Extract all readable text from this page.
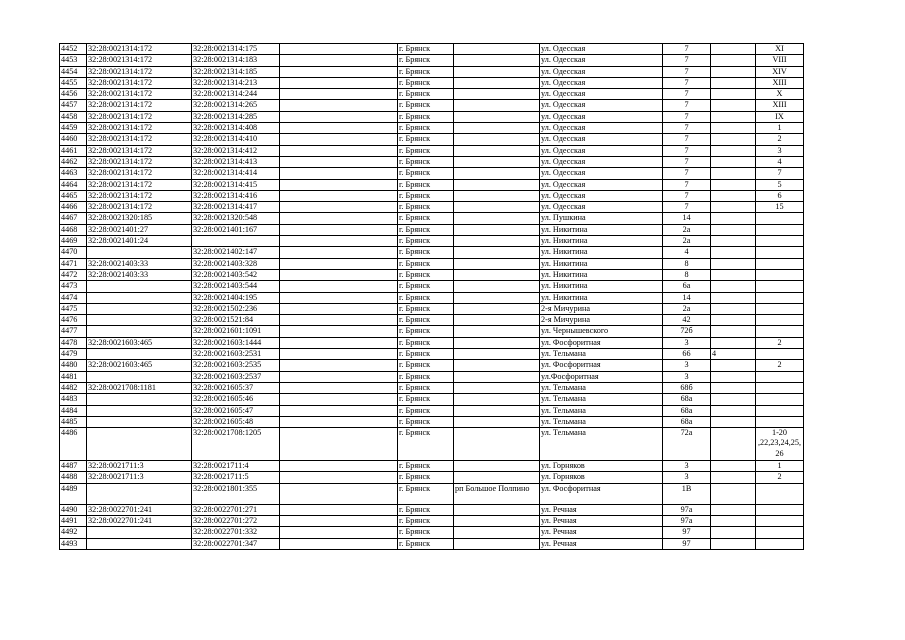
4452	32:28:0021314:172	32:28:0021314:175		г. Брянск		ул. Одесская	7		XI
4453	32:28:0021314:172	32:28:0021314:183		г. Брянск		ул. Одесская	7		VIII
4454	32:28:0021314:172	32:28:0021314:185		г. Брянск		ул. Одесская	7		XIV
4455	32:28:0021314:172	32:28:0021314:213		г. Брянск		ул. Одесская	7		XIII
4456	32:28:0021314:172	32:28:0021314:244		г. Брянск		ул. Одесская	7		X
4457	32:28:0021314:172	32:28:0021314:265		г. Брянск		ул. Одесская	7		XIII
4458	32:28:0021314:172	32:28:0021314:285		г. Брянск		ул. Одесская	7		IX
4459	32:28:0021314:172	32:28:0021314:408		г. Брянск		ул. Одесская	7		1
4460	32:28:0021314:172	32:28:0021314:410		г. Брянск		ул. Одесская	7		2
4461	32:28:0021314:172	32:28:0021314:412		г. Брянск		ул. Одесская	7		3
4462	32:28:0021314:172	32:28:0021314:413		г. Брянск		ул. Одесская	7		4
4463	32:28:0021314:172	32:28:0021314:414		г. Брянск		ул. Одесская	7		7
4464	32:28:0021314:172	32:28:0021314:415		г. Брянск		ул. Одесская	7		5
4465	32:28:0021314:172	32:28:0021314:416		г. Брянск		ул. Одесская	7		6
4466	32:28:0021314:172	32:28:0021314:417		г. Брянск		ул. Одесская	7		15
4467	32:28:0021320:185	32:28:0021320:548		г. Брянск		ул. Пушкина	14		
4468	32:28:0021401:27	32:28:0021401:167		г. Брянск		ул. Никитина	2а		
4469	32:28:0021401:24			г. Брянск		ул. Никитина	2а		
4470		32:28:0021402:147		г. Брянск		ул. Никитина	4		
4471	32:28:0021403:33	32:28:0021403:328		г. Брянск		ул. Никитина	8		
4472	32:28:0021403:33	32:28:0021403:542		г. Брянск		ул. Никитина	8		
4473		32:28:0021403:544		г. Брянск		ул. Никитина	6а		
4474		32:28:0021404:195		г. Брянск		ул. Никитина	14		
4475		32:28:0021502:236		г. Брянск		2-я Мичурина	2а		
4476		32:28:0021521:84		г. Брянск		2-я Мичурина	42		
4477		32:28:0021601:1091		г. Брянск		ул. Чернышевского	72б		
4478	32:28:0021603:465	32:28:0021603:1444		г. Брянск		ул. Фосфоритная	3		2
4479		32:28:0021603:2531		г. Брянск		ул. Тельмана	66	4	
4480	32:28:0021603:465	32:28:0021603:2535		г. Брянск		ул. Фосфоритная	3		2
4481		32:28:0021603:2537		г. Брянск		ул.Фосфоритная	3		
4482	32:28:0021708:1181	32:28:0021605:37		г. Брянск		ул. Тельмана	68б		
4483		32:28:0021605:46		г. Брянск		ул. Тельмана	68а		
4484		32:28:0021605:47		г. Брянск		ул. Тельмана	68а		
4485		32:28:0021605:48		г. Брянск		ул. Тельмана	68а		
4486		32:28:0021708:1205		г. Брянск		ул. Тельмана	72а		1-20 ,22,23,24,25, 26
4487	32:28:0021711:3	32:28:0021711:4		г. Брянск		ул. Горняков	3		1
4488	32:28:0021711:3	32:28:0021711:5		г. Брянск		ул. Горняков	3		2
4489		32:28:0021801:355		г. Брянск	рп Большое Полпино	ул. Фосфоритная	1В		
4490	32:28:0022701:241	32:28:0022701:271		г. Брянск		ул. Речная	97а		
4491	32:28:0022701:241	32:28:0022701:272		г. Брянск		ул. Речная	97а		
4492		32:28:0022701:332		г. Брянск		ул. Речная	97		
4493		32:28:0022701:347		г. Брянск		ул. Речная	97		
